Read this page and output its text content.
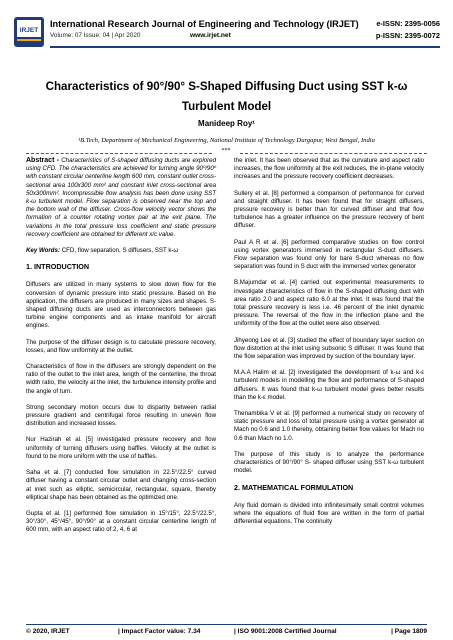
IRJET
International Research Journal of Engineering and Technology (IRJET)
Volume: 07 Issue: 04 | Apr 2020	www.irjet.net
e-ISSN: 2395-0056
p-ISSN: 2395-0072
Characteristics of 90°/90° S-Shaped Diffusing Duct using SST k-ω
Turbulent Model
Manideep Roy¹
¹B.Tech, Department of Mechanical Engineering, National Institute of Technology Durgapur, West Bengal, India
***

Abstract - Characteristics of S-shaped diffusing ducts are explored using CFD. The characteristics are achieved for turning angle 90º/90º with constant circular centerline length 600 mm, constant outlet cross-sectional area 100x300 mm² and constant inlet cross-sectional area 50x300mm². Incompressible flow analysis has been done using SST k-ω turbulent model. Flow separation is observed near the top and the bottom wall of the diffuser. Cross-flow velocity vector shows the formation of a counter rotating vortex pair at the exit plane. The variations in the total pressure loss coefficient and static pressure recovery coefficient are obtained for different x/c value.

Key Words: CFD, flow separation, S diffusers, SST k-ω

1. INTRODUCTION

Diffusers are utilized in many systems to slow down flow for the conversion of dynamic pressure into static pressure. Based on the application, the diffusers are produced in many sizes and shapes. S-shaped diffusing ducts are used as interconnectors between gas turbine engine components and as intake manifold for aircraft engines.

The purpose of the diffuser design is to calculate pressure recovery, losses, and flow uniformity at the outlet.

Characteristics of flow in the diffusers are strongly dependent on the ratio of the outlet to the inlet area, length of the centerline, the throat width ratio, the velocity at the inlet, the turbulence intensity profile and the angle of turn.

Strong secondary motion occurs due to disparity between radial pressure gradient and centrifugal force resulting in uneven flow distribution and increased losses.

Nur Hazirah et al. [5] investigated pressure recovery and flow uniformity of turning diffusers using baffles. Velocity at the outlet is found to be more uniform with the use of baffles.

Saha et al. [7] conducted flow simulation in 22.5°/22.5° curved diffuser having a constant circular outlet and changing cross-section at inlet such as elliptic, semicircular, rectangular, square, thereby elliptical shape has been obtained as the optimized one.

Gupta et al. [1] performed flow simulation in 15°/15°, 22.5°/22.5°, 30°/30°, 45°/45°, 90°/90° at a constant circular centerline length of 600 mm, with an aspect ratio of 2, 4, 6 at

the inlet. It has been observed that as the curvature and aspect ratio increases, the flow uniformity at the exit reduces, the in-plane velocity increases and the pressure recovery coefficient decreases.

Sullery et al. [8] performed a comparison of performance for curved and straight diffuser. It has been found that for straight diffusers, pressure recovery is better than for curved diffuser and that flow turbulence has a greater influence on the pressure recovery of bent diffuser.

Paul A R et al. [6] performed comparative studies on flow control using vortex generators immersed in rectangular S-duct diffusers. Flow separation was found only for bare S-duct whereas no flow separation was found in S duct with the immersed vortex generator

B.Majumdar et al. [4] carried out experimental measurements to investigate characteristics of flow in the S-shaped diffusing duct with area ratio 2.0 and aspect ratio 6.0 at the inlet. It was found that the total pressure recovery is less i.e. 46 percent of the inlet dynamic pressure. The reversal of the flow in the inflection plane and the uniformity of the flow at the outlet were also observed.

Jihyeong Lee et al. [3] studied the effect of boundary layer suction on flow distortion at the inlet using subsonic S diffuser. It was found that the flow separation was improved by suction of the boundary layer.

M.A.A Halim et al. [2] investigated the development of k-ω and k-ε turbulent models in modelling the flow and performance of S-shaped diffusers. It was found that k-ω turbulent model gives better results than the k-ε model.

Thenambika V et al. [9] performed a numerical study on recovery of static pressure and loss of total pressure using a vortex generator at Mach no 0.6 and 1.0 thereby, obtaining better flow values for Mach no 0.6 than Mach no 1.0.

The purpose of this study is to analyze the performance characteristics of 90°/90° S- shaped diffuser using SST k-ω turbulent model.

2. MATHEMATICAL FORMULATION

Any fluid domain is divided into infinitesimally small control volumes where the equations of fluid flow are written in the form of partial differential equations. The continuity

© 2020, IRJET	| Impact Factor value: 7.34	| ISO 9001:2008 Certified Journal	| Page 1809
